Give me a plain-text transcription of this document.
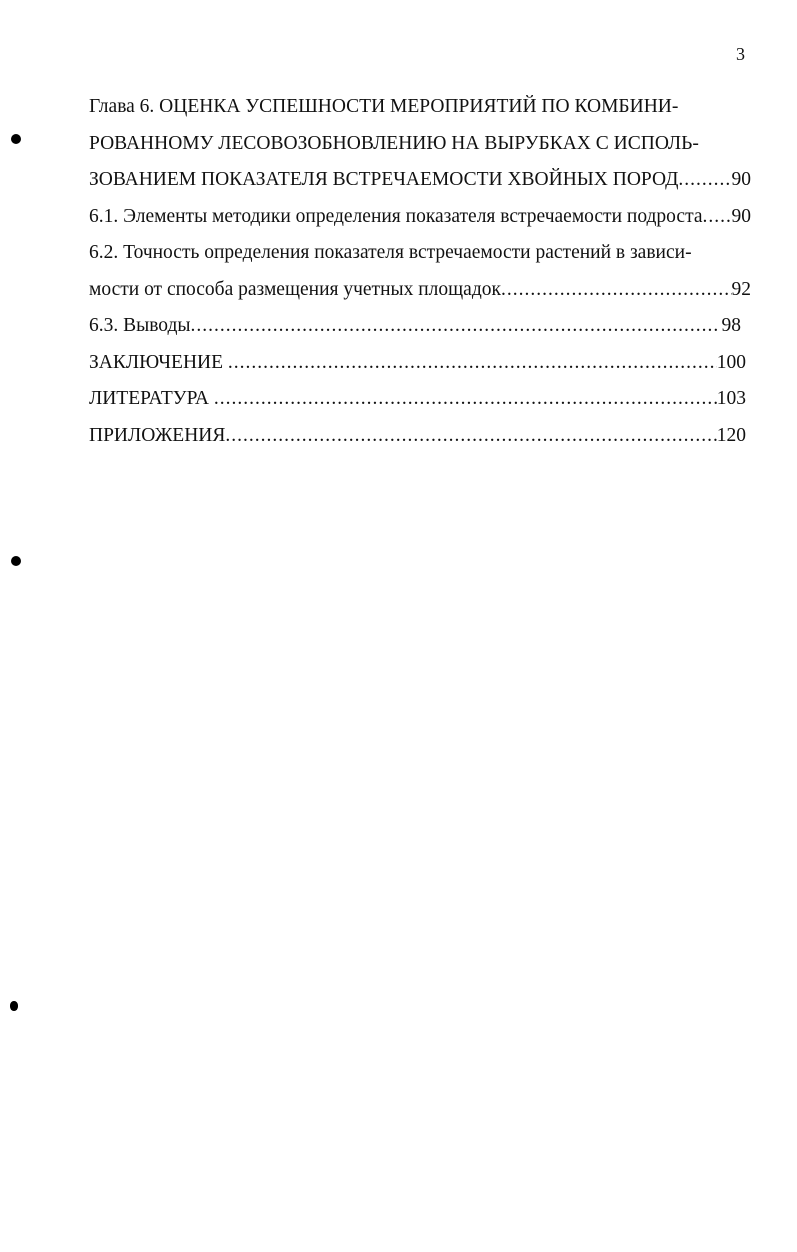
3
Глава 6. ОЦЕНКА УСПЕШНОСТИ МЕРОПРИЯТИЙ ПО КОМБИНИ-
РОВАННОМУ ЛЕСОВОЗОБНОВЛЕНИЮ НА ВЫРУБКАХ С ИСПОЛЬ-
ЗОВАНИЕМ ПОКАЗАТЕЛЯ ВСТРЕЧАЕМОСТИ ХВОЙНЫХ ПОРОД .....	90
6.1. Элементы методики определения показателя встречаемости подроста ..... 90
6.2. Точность определения показателя встречаемости растений в зависи-
мости от способа размещения учетных площадок .....	92
6.3. Выводы .....	98
ЗАКЛЮЧЕНИЕ .....	100
ЛИТЕРАТУРА .....	103
ПРИЛОЖЕНИЯ .....	120
